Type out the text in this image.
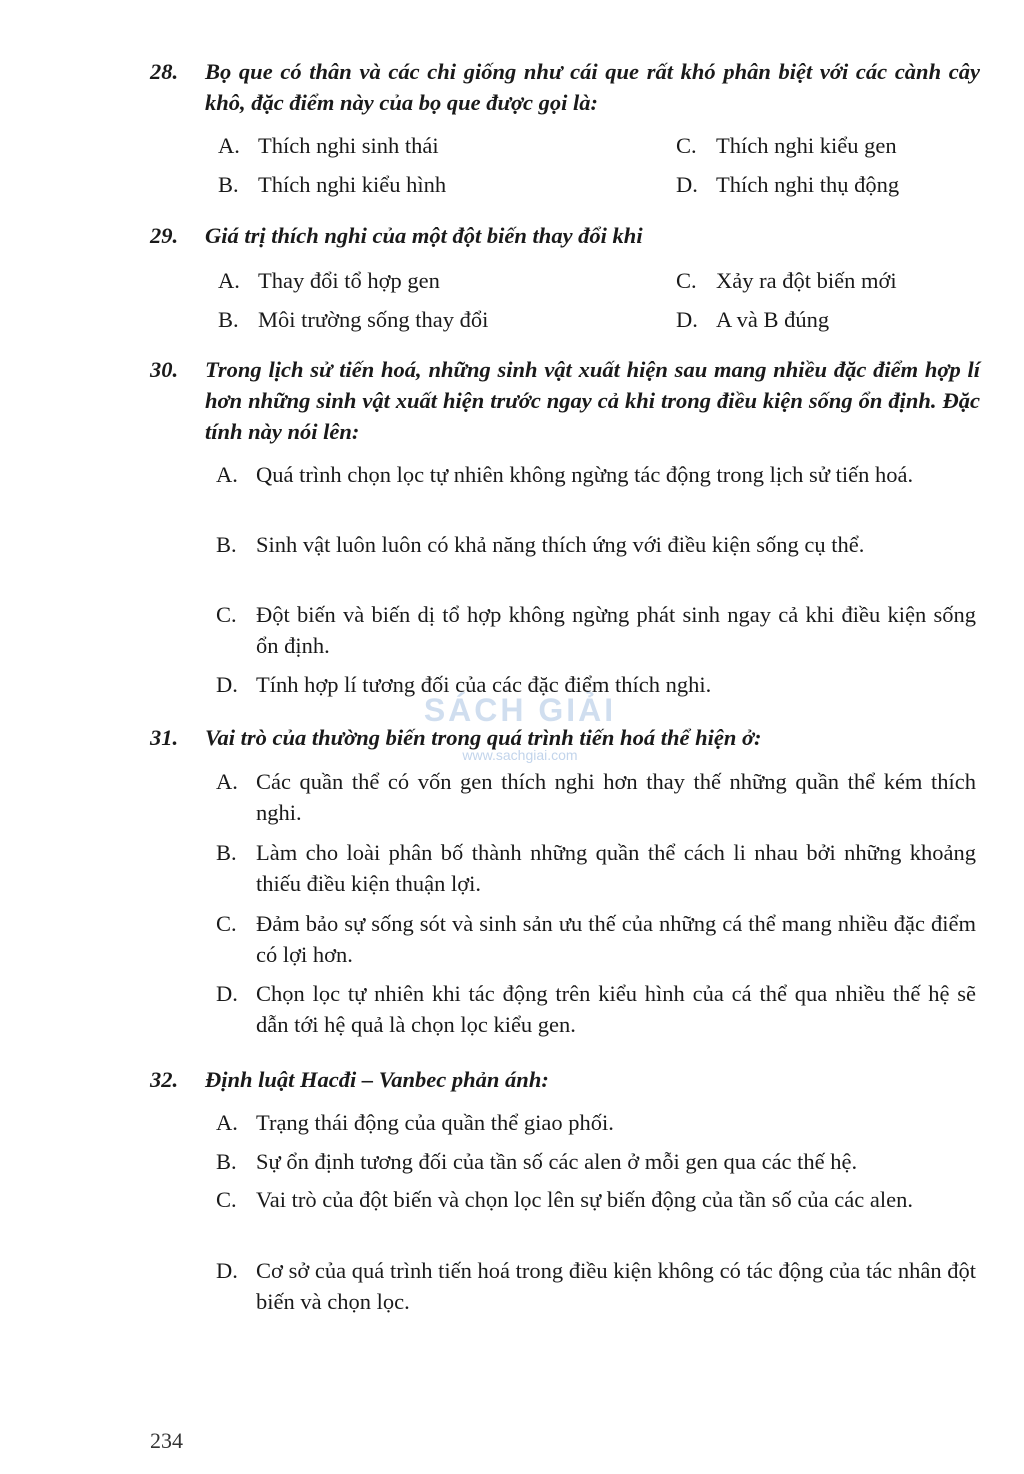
28. Bọ que có thân và các chi giống như cái que rất khó phân biệt với các cành cây khô, đặc điểm này của bọ que được gọi là:
A. Thích nghi sinh thái	C. Thích nghi kiểu gen
B. Thích nghi kiểu hình	D. Thích nghi thụ động
29. Giá trị thích nghi của một đột biến thay đổi khi
A. Thay đổi tổ hợp gen	C. Xảy ra đột biến mới
B. Môi trường sống thay đổi	D. A và B đúng
30. Trong lịch sử tiến hoá, những sinh vật xuất hiện sau mang nhiều đặc điểm hợp lí hơn những sinh vật xuất hiện trước ngay cả khi trong điều kiện sống ổn định. Đặc tính này nói lên:
A. Quá trình chọn lọc tự nhiên không ngừng tác động trong lịch sử tiến hoá.
B. Sinh vật luôn luôn có khả năng thích ứng với điều kiện sống cụ thể.
C. Đột biến và biến dị tổ hợp không ngừng phát sinh ngay cả khi điều kiện sống ổn định.
D. Tính hợp lí tương đối của các đặc điểm thích nghi.
31. Vai trò của thường biến trong quá trình tiến hoá thể hiện ở:
A. Các quần thể có vốn gen thích nghi hơn thay thế những quần thể kém thích nghi.
B. Làm cho loài phân bố thành những quần thể cách li nhau bởi những khoảng thiếu điều kiện thuận lợi.
C. Đảm bảo sự sống sót và sinh sản ưu thế của những cá thể mang nhiều đặc điểm có lợi hơn.
D. Chọn lọc tự nhiên khi tác động trên kiểu hình của cá thể qua nhiều thế hệ sẽ dẫn tới hệ quả là chọn lọc kiểu gen.
32. Định luật Hacđi – Vanbec phản ánh:
A. Trạng thái động của quần thể giao phối.
B. Sự ổn định tương đối của tần số các alen ở mỗi gen qua các thế hệ.
C. Vai trò của đột biến và chọn lọc lên sự biến động của tần số của các alen.
D. Cơ sở của quá trình tiến hoá trong điều kiện không có tác động của tác nhân đột biến và chọn lọc.
SÁCH GIẢI
www.sachgiai.com
234
